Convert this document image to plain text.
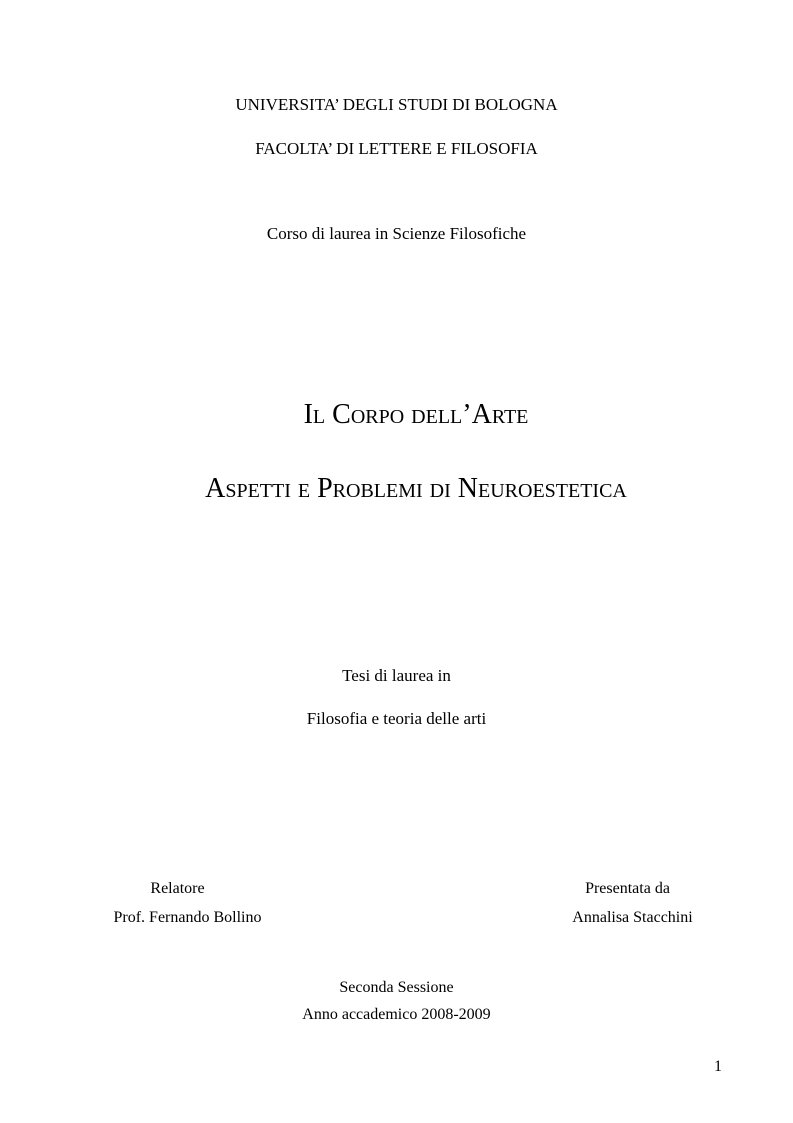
UNIVERSITA’ DEGLI STUDI DI BOLOGNA
FACOLTA’ DI LETTERE E FILOSOFIA
Corso di laurea in Scienze Filosofiche
Il Corpo dell’Arte
Aspetti e Problemi di Neuroestetica
Tesi di laurea in
Filosofia e teoria delle arti
Relatore
Prof. Fernando Bollino
Presentata da
Annalisa Stacchini
Seconda Sessione
Anno accademico 2008-2009
1
